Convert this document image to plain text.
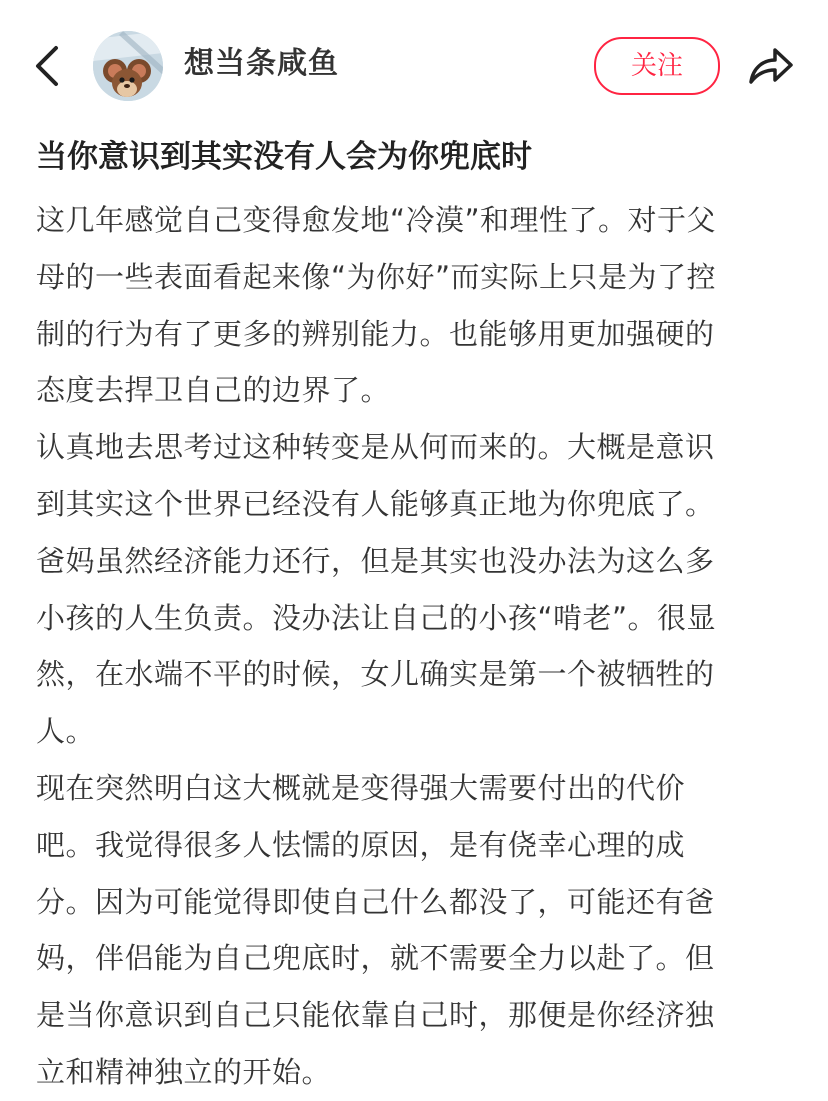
想当条咸鱼	关注
当你意识到其实没有人会为你兜底时
这几年感觉自己变得愈发地“冷漠”和理性了。对于父
母的一些表面看起来像“为你好”而实际上只是为了控
制的行为有了更多的辨别能力。也能够用更加强硬的
态度去捍卫自己的边界了。
认真地去思考过这种转变是从何而来的。大概是意识
到其实这个世界已经没有人能够真正地为你兜底了。
爸妈虽然经济能力还行，但是其实也没办法为这么多
小孩的人生负责。没办法让自己的小孩“啃老”。很显
然，在水端不平的时候，女儿确实是第一个被牺牲的
人。
现在突然明白这大概就是变得强大需要付出的代价
吧。我觉得很多人怯懦的原因，是有侥幸心理的成
分。因为可能觉得即使自己什么都没了，可能还有爸
妈，伴侣能为自己兜底时，就不需要全力以赴了。但
是当你意识到自己只能依靠自己时，那便是你经济独
立和精神独立的开始。
